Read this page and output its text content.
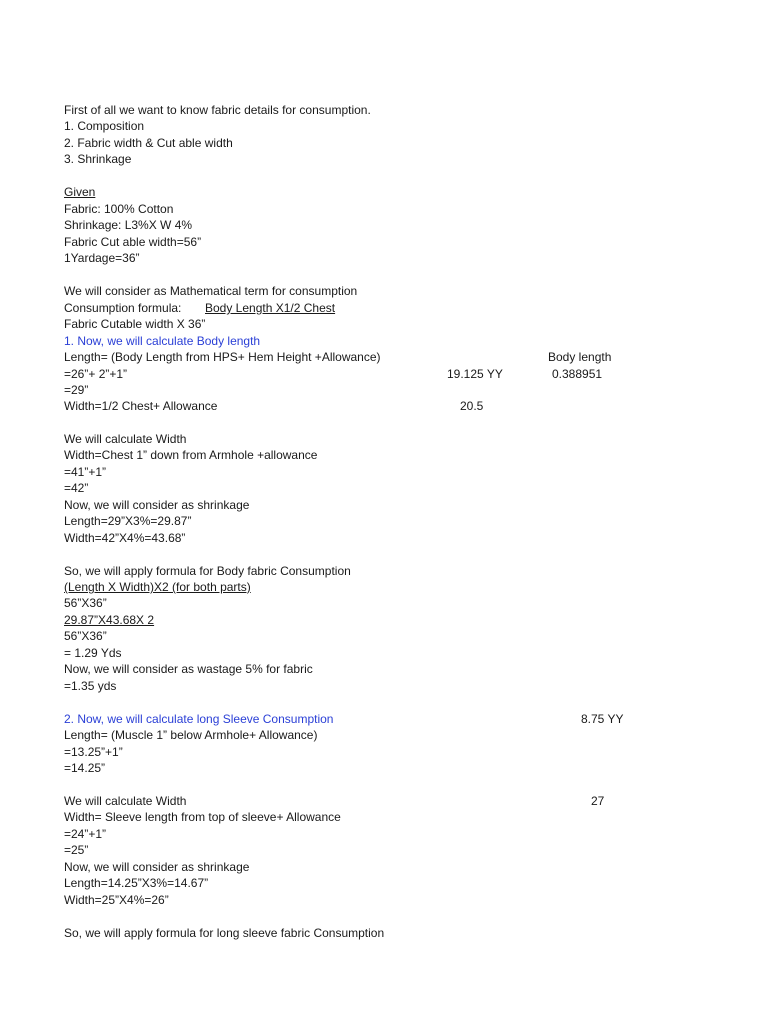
First of all we want to know fabric details for consumption.
1. Composition
2. Fabric width & Cut able width
3. Shrinkage
Given
Fabric: 100% Cotton
Shrinkage: L3%X W 4%
Fabric Cut able width=56”
1Yardage=36”
We will consider as Mathematical term for consumption
Consumption formula: Body Length X1/2 Chest
Fabric Cutable width X 36”
1. Now, we will calculate Body length
Length= (Body Length from HPS+ Hem Height +Allowance)	Body length
=26”+ 2”+1”	19.125 YY	0.388951
=29”
Width=1/2 Chest+ Allowance	20.5
We will calculate Width
Width=Chest 1” down from Armhole +allowance
=41”+1”
=42”
Now, we will consider as shrinkage
Length=29”X3%=29.87”
Width=42”X4%=43.68”
So, we will apply formula for Body fabric Consumption
(Length X Width)X2 (for both parts)
56”X36”
29.87”X43.68X 2
56”X36”
= 1.29 Yds
Now, we will consider as wastage 5% for fabric
=1.35 yds
2. Now, we will calculate long Sleeve Consumption	8.75 YY
Length= (Muscle 1” below Armhole+ Allowance)
=13.25”+1”
=14.25”
We will calculate Width	27
Width= Sleeve length from top of sleeve+ Allowance
=24”+1”
=25”
Now, we will consider as shrinkage
Length=14.25”X3%=14.67”
Width=25”X4%=26”
So, we will apply formula for long sleeve fabric Consumption
